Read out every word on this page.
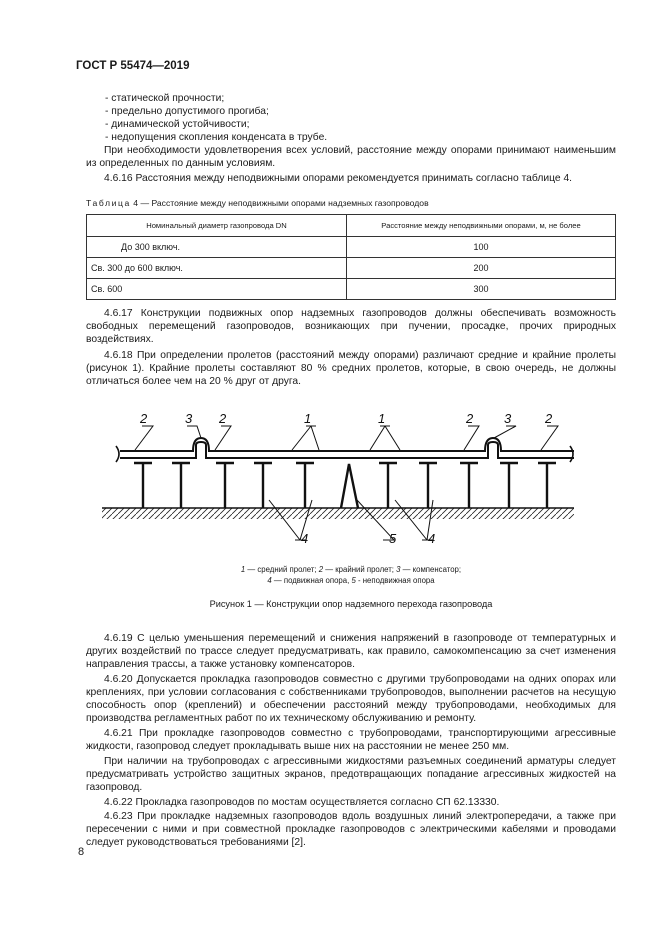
ГОСТ Р 55474—2019
- статической прочности;
- предельно допустимого прогиба;
- динамической устойчивости;
- недопущения скопления конденсата в трубе.
При необходимости удовлетворения всех условий, расстояние между опорами принимают наименьшим из определенных по данным условиям.
4.6.16 Расстояния между неподвижными опорами рекомендуется принимать согласно таблице 4.
Таблица 4 — Расстояние между неподвижными опорами надземных газопроводов
Номинальный диаметр газопровода DN	Расстояние между неподвижными опорами, м, не более
До 300 включ.	100
Св. 300 до 600 включ.	200
Св. 600	300
4.6.17 Конструкции подвижных опор надземных газопроводов должны обеспечивать возможность свободных перемещений газопроводов, возникающих при пучении, просадке, прочих природных воздействиях.
4.6.18 При определении пролетов (расстояний между опорами) различают средние и крайние пролеты (рисунок 1). Крайние пролеты составляют 80 % средних пролетов, которые, в свою очередь, не должны отличаться более чем на 20 % друг от друга.
2	3 2	1	1	2 3	2
4	5 4
1 — средний пролет; 2 — крайний пролет; 3 — компенсатор;
4 — подвижная опора, 5 - неподвижная опора
Рисунок 1 — Конструкции опор надземного перехода газопровода
4.6.19 С целью уменьшения перемещений и снижения напряжений в газопроводе от температурных и других воздействий по трассе следует предусматривать, как правило, самокомпенсацию за счет изменения направления трассы, а также установку компенсаторов.
4.6.20 Допускается прокладка газопроводов совместно с другими трубопроводами на одних опорах или креплениях, при условии согласования с собственниками трубопроводов, выполнении расчетов на несущую способность опор (креплений) и обеспечении расстояний между трубопроводами, необходимых для производства регламентных работ по их техническому обслуживанию и ремонту.
4.6.21 При прокладке газопроводов совместно с трубопроводами, транспортирующими агрессивные жидкости, газопровод следует прокладывать выше них на расстоянии не менее 250 мм.
При наличии на трубопроводах с агрессивными жидкостями разъемных соединений арматуры следует предусматривать устройство защитных экранов, предотвращающих попадание агрессивных жидкостей на газопровод.
4.6.22 Прокладка газопроводов по мостам осуществляется согласно СП 62.13330.
4.6.23 При прокладке надземных газопроводов вдоль воздушных линий электропередачи, а также при пересечении с ними и при совместной прокладке газопроводов с электрическими кабелями и проводами следует руководствоваться требованиями [2].
8
